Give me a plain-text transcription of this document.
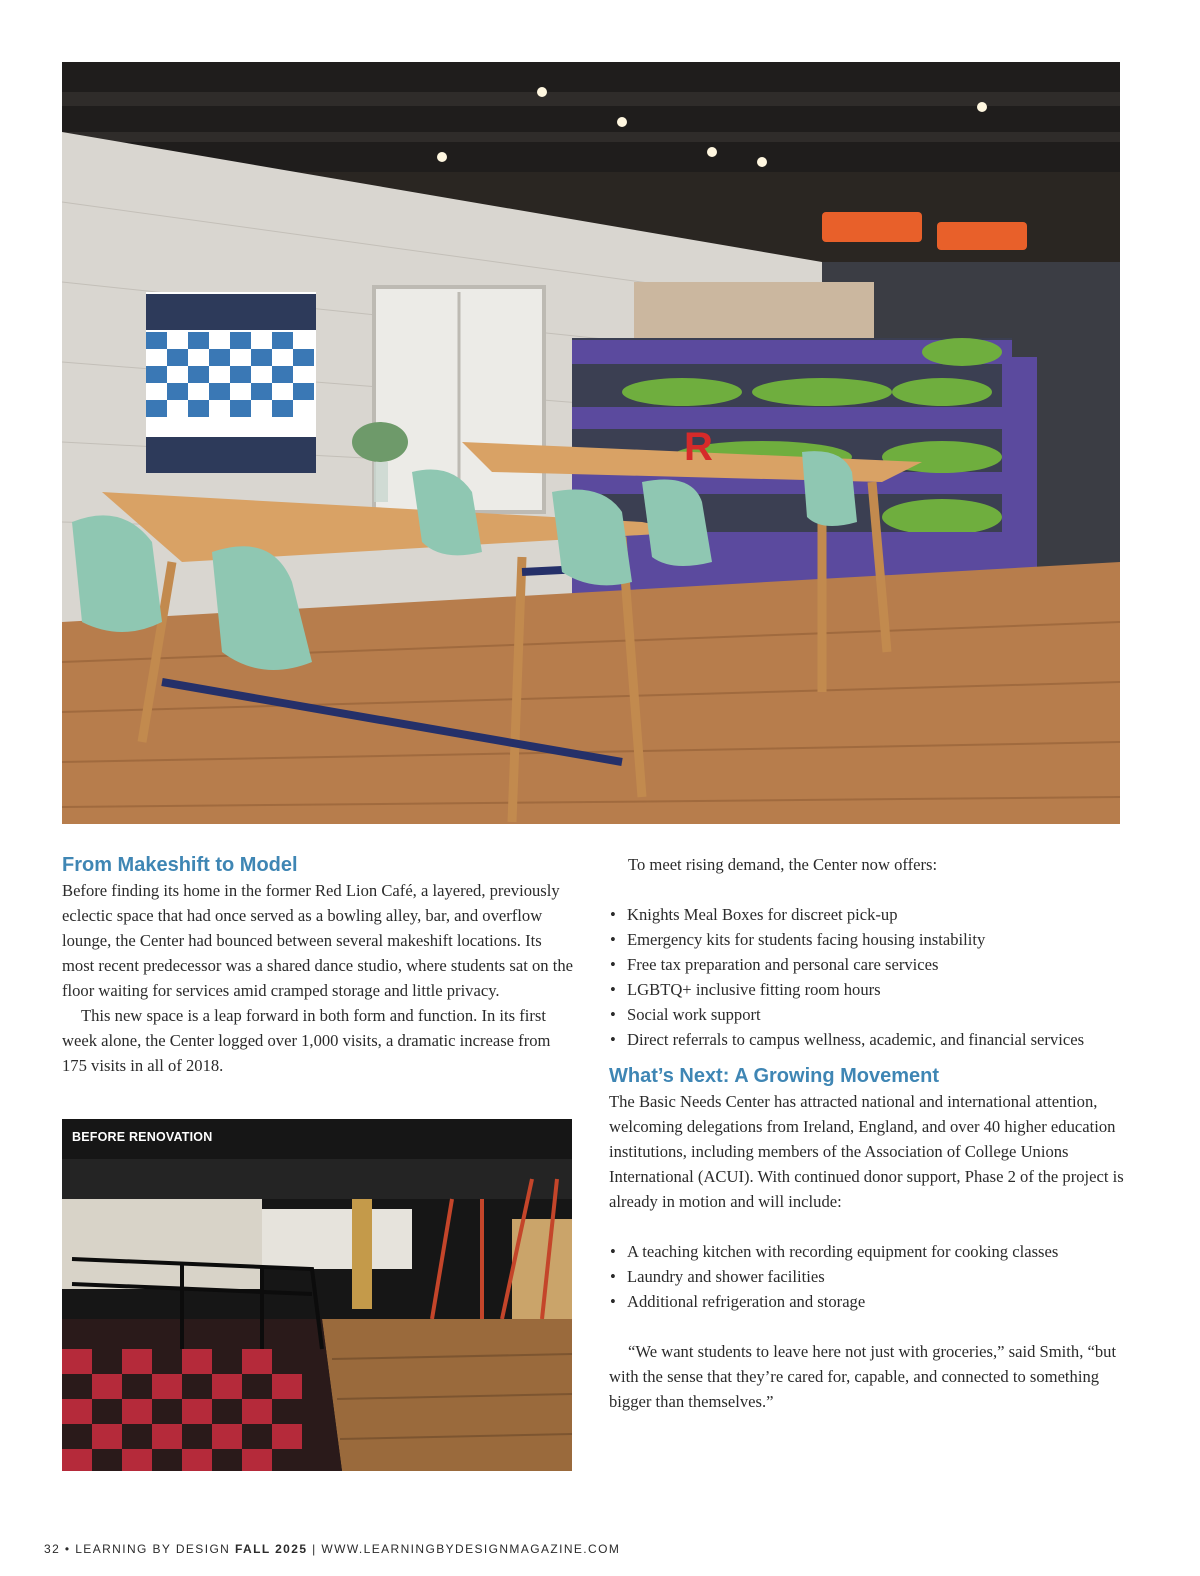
R
From Makeshift to Model

Before finding its home in the former Red Lion Café, a layered, previously eclectic space that had once served as a bowling alley, bar, and overflow lounge, the Center had bounced between several makeshift locations. Its most recent predecessor was a shared dance studio, where students sat on the floor waiting for services amid cramped storage and little privacy.

This new space is a leap forward in both form and function. In its first week alone, the Center logged over 1,000 visits, a dramatic increase from 175 visits in all of 2018.

BEFORE RENOVATION

To meet rising demand, the Center now offers:

• Knights Meal Boxes for discreet pick-up
• Emergency kits for students facing housing instability
• Free tax preparation and personal care services
• LGBTQ+ inclusive fitting room hours
• Social work support
• Direct referrals to campus wellness, academic, and financial services
What’s Next: A Growing Movement

The Basic Needs Center has attracted national and international attention, welcoming delegations from Ireland, England, and over 40 higher education institutions, including members of the Association of College Unions International (ACUI). With continued donor support, Phase 2 of the project is already in motion and will include:

• A teaching kitchen with recording equipment for cooking classes
• Laundry and shower facilities
• Additional refrigeration and storage

“We want students to leave here not just with groceries,” said Smith, “but with the sense that they’re cared for, capable, and connected to something bigger than themselves.”

32 • LEARNING BY DESIGN FALL 2025 | WWW.LEARNINGBYDESIGNMAGAZINE.COM
